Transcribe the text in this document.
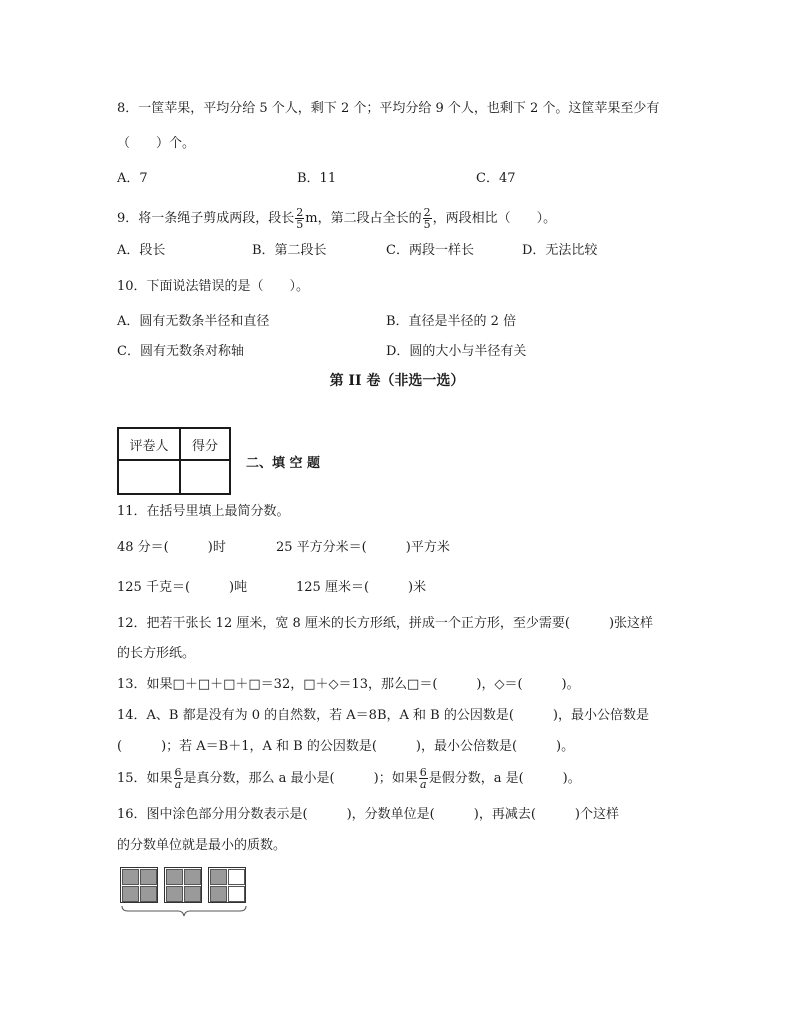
8．一筐苹果，平均分给 5 个人，剩下 2 个；平均分给 9 个人，也剩下 2 个。这筐苹果至少有
（　　）个。
A．7	B．11	C．47
9．将一条绳子剪成两段，段长 $\frac{2}{5}$ m，第二段占全长的 $\frac{2}{5}$ ，两段相比（　　）。
A．段长	B．第二段长	C．两段一样长	D．无法比较
10．下面说法错误的是（　　）。
A．圆有无数条半径和直径	B．直径是半径的 2 倍
C．圆有无数条对称轴	D．圆的大小与半径有关
第 II 卷（非选一选）
评卷人	得分

二、填 空 题
11．在括号里填上最简分数。
48 分＝(　　　)时	25 平方分米＝(　　　)平方米
125 千克＝(　　　)吨	125 厘米＝(　　　)米
12．把若干张长 12 厘米，宽 8 厘米的长方形纸，拼成一个正方形，至少需要(　　　)张这样
的长方形纸。
13．如果□＋□＋□＋□＝32，□＋◇＝13，那么□＝(　　　)，◇＝(　　　)。
14．A、B 都是没有为 0 的自然数，若 A＝8B，A 和 B 的公因数是(　　　)，最小公倍数是
(　　　)；若 A＝B＋1，A 和 B 的公因数是(　　　)，最小公倍数是(　　　)。
15．如果 $\frac{6}{a}$ 是真分数，那么 a 最小是(　　　)；如果 $\frac{6}{a}$ 是假分数，a 是(　　　)。
16．图中涂色部分用分数表示是(　　　)，分数单位是(　　　)，再减去(　　　)个这样
的分数单位就是最小的质数。
